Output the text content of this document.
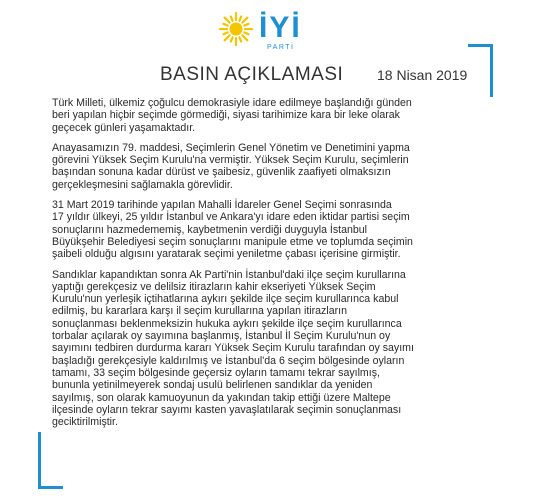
İYİ
PARTİ
BASIN AÇIKLAMASI 18 Nisan 2019

Türk Milleti, ülkemiz çoğulcu demokrasiyle idare edilmeye başlandığı günden
beri yapılan hiçbir seçimde görmediği, siyasi tarihimize kara bir leke olarak
geçecek günleri yaşamaktadır.

Anayasamızın 79. maddesi, Seçimlerin Genel Yönetim ve Denetimini yapma
görevini Yüksek Seçim Kurulu'na vermiştir. Yüksek Seçim Kurulu, seçimlerin
başından sonuna kadar dürüst ve şaibesiz, güvenlik zaafiyeti olmaksızın
gerçekleşmesini sağlamakla görevlidir.

31 Mart 2019 tarihinde yapılan Mahalli İdareler Genel Seçimi sonrasında
17 yıldır ülkeyi, 25 yıldır İstanbul ve Ankara'yı idare eden iktidar partisi seçim
sonuçlarını hazmedememiş, kaybetmenin verdiği duyguyla İstanbul
Büyükşehir Belediyesi seçim sonuçlarını manipule etme ve toplumda seçimin
şaibeli olduğu algısını yaratarak seçimi yeniletme çabası içerisine girmiştir.

Sandıklar kapandıktan sonra Ak Parti'nin İstanbul'daki ilçe seçim kurullarına
yaptığı gerekçesiz ve delilsiz itirazların kahir ekseriyeti Yüksek Seçim
Kurulu'nun yerleşik içtihatlarına aykırı şekilde ilçe seçim kurullarınca kabul
edilmiş, bu kararlara karşı il seçim kurullarına yapılan itirazların
sonuçlanması beklenmeksizin hukuka aykırı şekilde ilçe seçim kurullarınca
torbalar açılarak oy sayımına başlanmış, İstanbul İl Seçim Kurulu'nun oy
sayımını tedbiren durdurma kararı Yüksek Seçim Kurulu tarafından oy sayımı
başladığı gerekçesiyle kaldırılmış ve İstanbul'da 6 seçim bölgesinde oyların
tamamı, 33 seçim bölgesinde geçersiz oyların tamamı tekrar sayılmış,
bununla yetinilmeyerek sondaj usulü belirlenen sandıklar da yeniden
sayılmış, son olarak kamuoyunun da yakından takip ettiği üzere Maltepe
ilçesinde oyların tekrar sayımı kasten yavaşlatılarak seçimin sonuçlanması
geciktirilmiştir.
